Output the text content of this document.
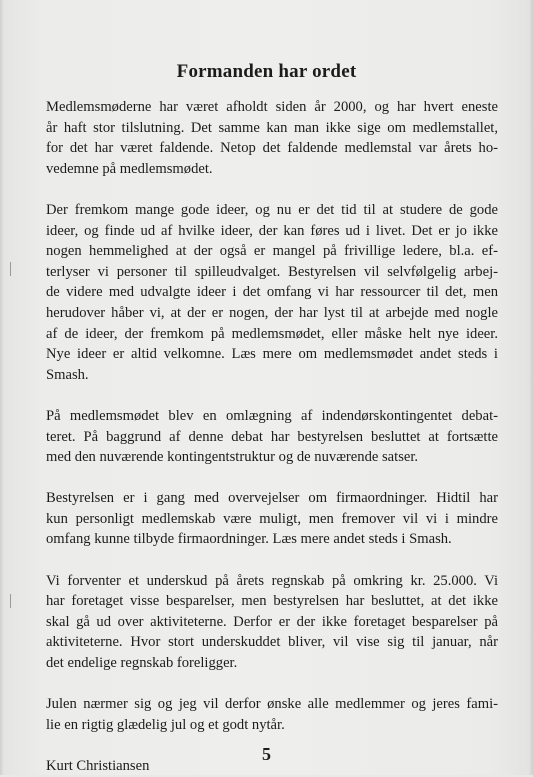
Formanden har ordet

Medlemsmøderne har været afholdt siden år 2000, og har hvert eneste
år haft stor tilslutning. Det samme kan man ikke sige om medlemstallet,
for det har været faldende. Netop det faldende medlemstal var årets ho-
vedemne på medlemsmødet.

Der fremkom mange gode ideer, og nu er det tid til at studere de gode
ideer, og finde ud af hvilke ideer, der kan føres ud i livet. Det er jo ikke
nogen hemmelighed at der også er mangel på frivillige ledere, bl.a. ef-
terlyser vi personer til spilleudvalget. Bestyrelsen vil selvfølgelig arbej-
de videre med udvalgte ideer i det omfang vi har ressourcer til det, men
herudover håber vi, at der er nogen, der har lyst til at arbejde med nogle
af de ideer, der fremkom på medlemsmødet, eller måske helt nye ideer.
Nye ideer er altid velkomne. Læs mere om medlemsmødet andet steds i
Smash.

På medlemsmødet blev en omlægning af indendørskontingentet debat-
teret. På baggrund af denne debat har bestyrelsen besluttet at fortsætte
med den nuværende kontingentstruktur og de nuværende satser.

Bestyrelsen er i gang med overvejelser om firmaordninger. Hidtil har
kun personligt medlemskab være muligt, men fremover vil vi i mindre
omfang kunne tilbyde firmaordninger. Læs mere andet steds i Smash.

Vi forventer et underskud på årets regnskab på omkring kr. 25.000. Vi
har foretaget visse besparelser, men bestyrelsen har besluttet, at det ikke
skal gå ud over aktiviteterne. Derfor er der ikke foretaget besparelser på
aktiviteterne. Hvor stort underskuddet bliver, vil vise sig til januar, når
det endelige regnskab foreligger.

Julen nærmer sig og jeg vil derfor ønske alle medlemmer og jeres fami-
lie en rigtig glædelig jul og et godt nytår.

Kurt Christiansen

5
